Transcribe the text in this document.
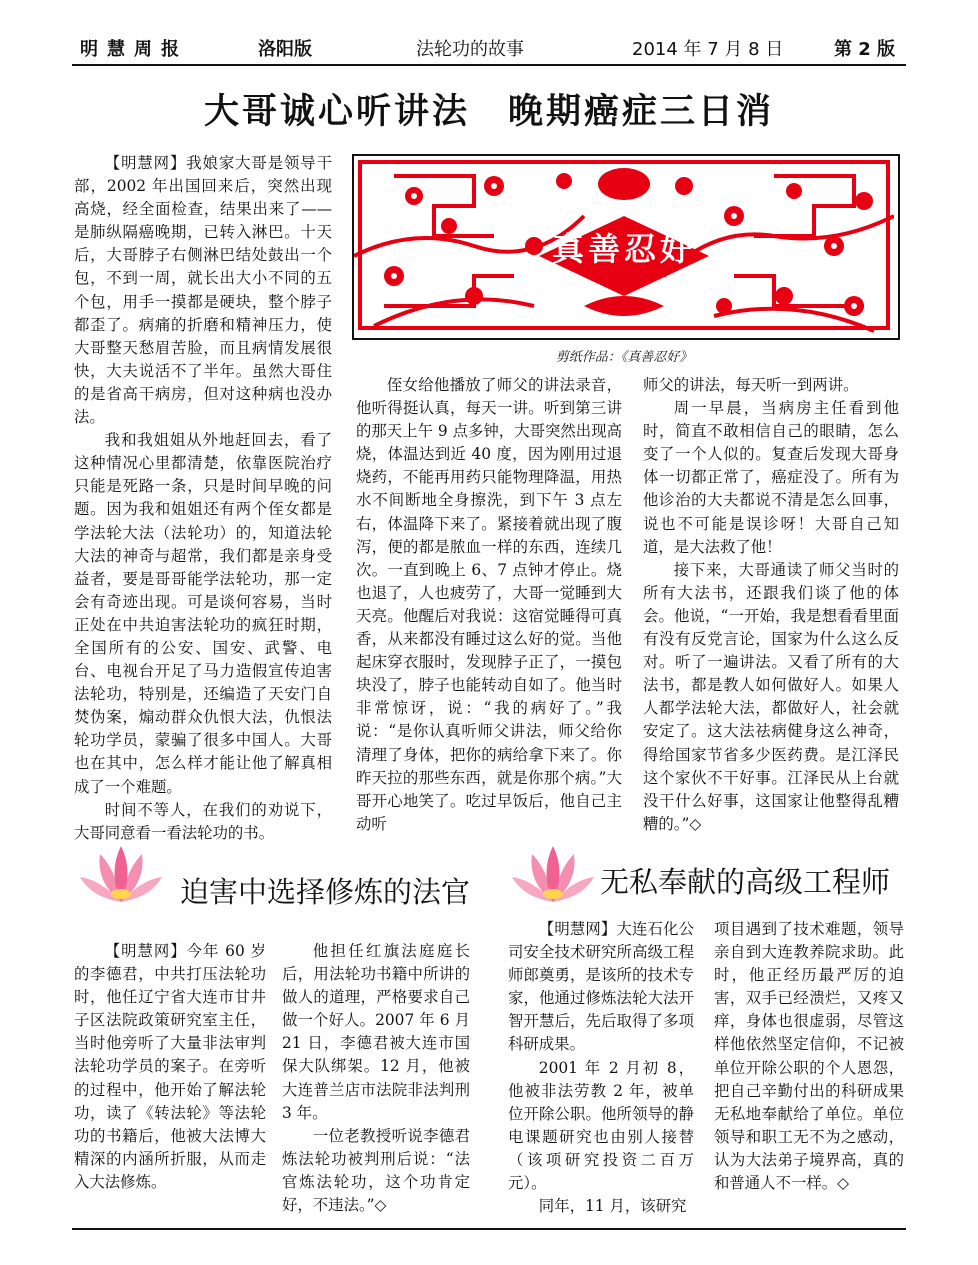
明慧周报	洛阳版	法轮功的故事	2014 年 7 月 8 日	第 2 版
大哥诚心听讲法　晚期癌症三日消

【明慧网】我娘家大哥是领导干部，2002 年出国回来后，突然出现高烧，经全面检查，结果出来了——是肺纵隔癌晚期，已转入淋巴。十天后，大哥脖子右侧淋巴结处鼓出一个包，不到一周，就长出大小不同的五个包，用手一摸都是硬块，整个脖子都歪了。病痛的折磨和精神压力，使大哥整天愁眉苦脸，而且病情发展很快，大夫说活不了半年。虽然大哥住的是省高干病房，但对这种病也没办法。

我和我姐姐从外地赶回去，看了这种情况心里都清楚，依靠医院治疗只能是死路一条，只是时间早晚的问题。因为我和姐姐还有两个侄女都是学法轮大法（法轮功）的，知道法轮大法的神奇与超常，我们都是亲身受益者，要是哥哥能学法轮功，那一定会有奇迹出现。可是谈何容易，当时正处在中共迫害法轮功的疯狂时期，全国所有的公安、国安、武警、电台、电视台开足了马力造假宣传迫害法轮功，特别是，还编造了天安门自焚伪案，煽动群众仇恨大法，仇恨法轮功学员，蒙骗了很多中国人。大哥也在其中，怎么样才能让他了解真相成了一个难题。

时间不等人，在我们的劝说下，大哥同意看一看法轮功的书。

真善忍好
剪纸作品：《真善忍好》

侄女给他播放了师父的讲法录音，他听得挺认真，每天一讲。听到第三讲的那天上午 9 点多钟，大哥突然出现高烧，体温达到近 40 度，因为刚用过退烧药，不能再用药只能物理降温，用热水不间断地全身擦洗，到下午 3 点左右，体温降下来了。紧接着就出现了腹泻，便的都是脓血一样的东西，连续几次。一直到晚上 6、7 点钟才停止。烧也退了，人也疲劳了，大哥一觉睡到大天亮。他醒后对我说：这宿觉睡得可真香，从来都没有睡过这么好的觉。当他起床穿衣服时，发现脖子正了，一摸包块没了，脖子也能转动自如了。他当时非常惊讶，说：“我的病好了。”我说：“是你认真听师父讲法，师父给你清理了身体，把你的病给拿下来了。你昨天拉的那些东西，就是你那个病。”大哥开心地笑了。吃过早饭后，他自己主动听

师父的讲法，每天听一到两讲。

周一早晨，当病房主任看到他时，简直不敢相信自己的眼睛，怎么变了一个人似的。复查后发现大哥身体一切都正常了，癌症没了。所有为他诊治的大夫都说不清是怎么回事，说也不可能是误诊呀！大哥自己知道，是大法救了他！

接下来，大哥通读了师父当时的所有大法书，还跟我们谈了他的体会。他说，“一开始，我是想看看里面有没有反党言论，国家为什么这么反对。听了一遍讲法。又看了所有的大法书，都是教人如何做好人。如果人人都学法轮大法，都做好人，社会就安定了。这大法祛病健身这么神奇，得给国家节省多少医药费。是江泽民这个家伙不干好事。江泽民从上台就没干什么好事，这国家让他整得乱糟糟的。”◇

迫害中选择修炼的法官	无私奉献的高级工程师

【明慧网】今年 60 岁的李德君，中共打压法轮功时，他任辽宁省大连市甘井子区法院政策研究室主任，当时他旁听了大量非法审判法轮功学员的案子。在旁听的过程中，他开始了解法轮功，读了《转法轮》等法轮功的书籍后，他被大法博大精深的内涵所折服，从而走入大法修炼。

他担任红旗法庭庭长后，用法轮功书籍中所讲的做人的道理，严格要求自己做一个好人。2007 年 6 月 21 日，李德君被大连市国保大队绑架。12 月，他被大连普兰店市法院非法判刑 3 年。

一位老教授听说李德君炼法轮功被判刑后说：“法官炼法轮功，这个功肯定好，不违法。”◇

【明慧网】大连石化公司安全技术研究所高级工程师郎奠勇，是该所的技术专家，他通过修炼法轮大法开智开慧后，先后取得了多项科研成果。

2001 年 2 月初 8，他被非法劳教 2 年，被单位开除公职。他所领导的静电课题研究也由别人接替（该项研究投资二百万元）。

同年，11 月，该研究

项目遇到了技术难题，领导亲自到大连教养院求助。此时，他正经历最严厉的迫害，双手已经溃烂，又疼又痒，身体也很虚弱，尽管这样他依然坚定信仰，不记被单位开除公职的个人恩怨，把自己辛勤付出的科研成果无私地奉献给了单位。单位领导和职工无不为之感动，认为大法弟子境界高，真的和普通人不一样。◇
